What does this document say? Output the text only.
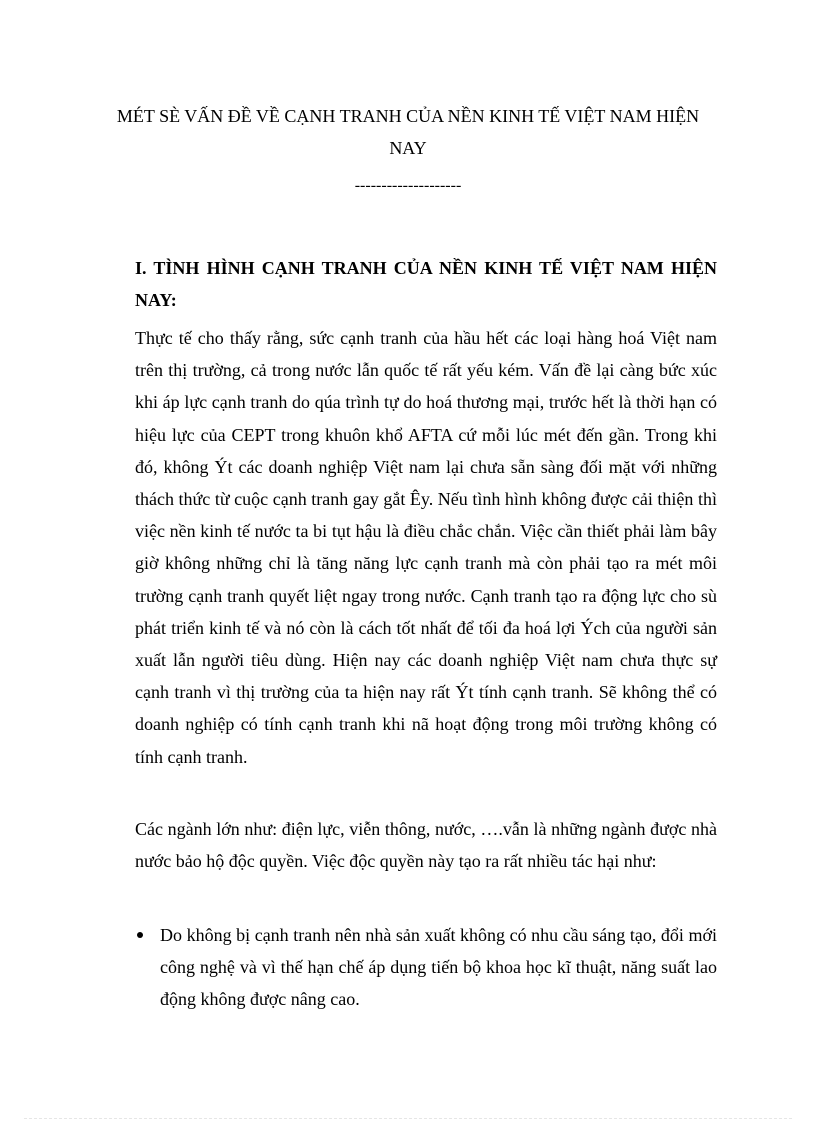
MÉT SÈ VẤN ĐỀ VỀ CẠNH TRANH CỦA NỀN KINH TẾ VIỆT NAM HIỆN NAY
--------------------
I. TÌNH HÌNH CẠNH TRANH CỦA NỀN KINH TẾ VIỆT NAM HIỆN NAY:

Thực tế cho thấy rằng, sức cạnh tranh của hầu hết các loại hàng hoá Việt nam trên thị trường, cả trong nước lẫn quốc tế rất yếu kém. Vấn đề lại càng bức xúc khi áp lực cạnh tranh do qúa trình tự do hoá thương mại, trước hết là thời hạn có hiệu lực của CEPT trong khuôn khổ AFTA cứ mỗi lúc mét đến gần. Trong khi đó, không Ýt các doanh nghiệp Việt nam lại chưa sẵn sàng đối mặt với những thách thức từ cuộc cạnh tranh gay gắt Êy. Nếu tình hình không được cải thiện thì việc nền kinh tế nước ta bi tụt hậu là điều chắc chắn. Việc cần thiết phải làm bây giờ không những chỉ là tăng năng lực cạnh tranh mà còn phải tạo ra mét môi trường cạnh tranh quyết liệt ngay trong nước. Cạnh tranh tạo ra động lực cho sù phát triển kinh tế và nó còn là cách tốt nhất để tối đa hoá lợi Ých của người sản xuất lẫn người tiêu dùng. Hiện nay các doanh nghiệp Việt nam chưa thực sự cạnh tranh vì thị trường của ta hiện nay rất Ýt tính cạnh tranh. Sẽ không thể có doanh nghiệp có tính cạnh tranh khi nã hoạt động trong môi trường không có tính cạnh tranh.

Các ngành lớn như: điện lực, viễn thông, nước, ….vẫn là những ngành được nhà nước bảo hộ độc quyền. Việc độc quyền này tạo ra rất nhiều tác hại như:

Do không bị cạnh tranh nên nhà sản xuất không có nhu cầu sáng tạo, đổi mới công nghệ và vì thế hạn chế áp dụng tiến bộ khoa học kĩ thuật, năng suất lao động không được nâng cao.
